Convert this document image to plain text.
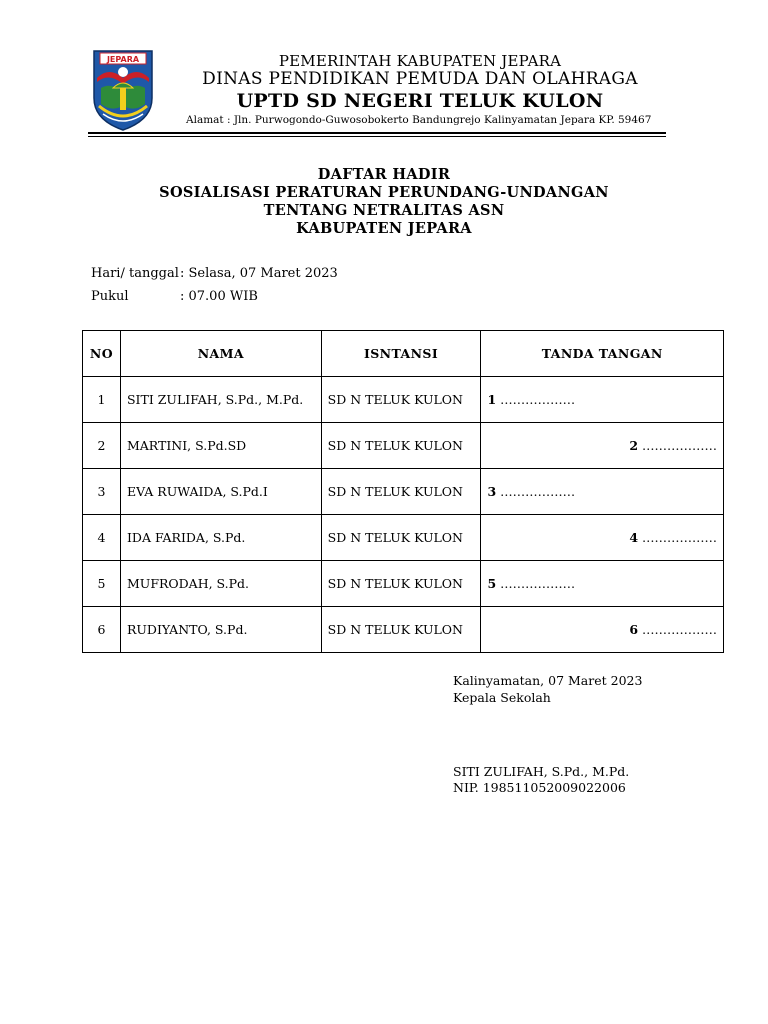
JEPARA	PEMERINTAH KABUPATEN JEPARA
DINAS PENDIDIKAN PEMUDA DAN OLAHRAGA
UPTD SD NEGERI TELUK KULON
Alamat : Jln. Purwogondo-Guwosobokerto Bandungrejo Kalinyamatan Jepara KP. 59467
DAFTAR HADIR
SOSIALISASI PERATURAN PERUNDANG-UNDANGAN
TENTANG NETRALITAS ASN
KABUPATEN JEPARA
Hari/ tanggal : Selasa, 07 Maret 2023
Pukul	: 07.00 WIB
NO	NAMA	ISNTANSI	TANDA TANGAN
1	SITI ZULIFAH, S.Pd., M.Pd.	SD N TELUK KULON	1 ………………
2	MARTINI, S.Pd.SD	SD N TELUK KULON	2 ………………
3	EVA RUWAIDA, S.Pd.I	SD N TELUK KULON	3 ………………
4	IDA FARIDA, S.Pd.	SD N TELUK KULON	4 ………………
5	MUFRODAH, S.Pd.	SD N TELUK KULON	5 ………………
6	RUDIYANTO, S.Pd.	SD N TELUK KULON	6 ………………
Kalinyamatan, 07 Maret 2023
Kepala Sekolah
SITI ZULIFAH, S.Pd., M.Pd.
NIP. 198511052009022006
